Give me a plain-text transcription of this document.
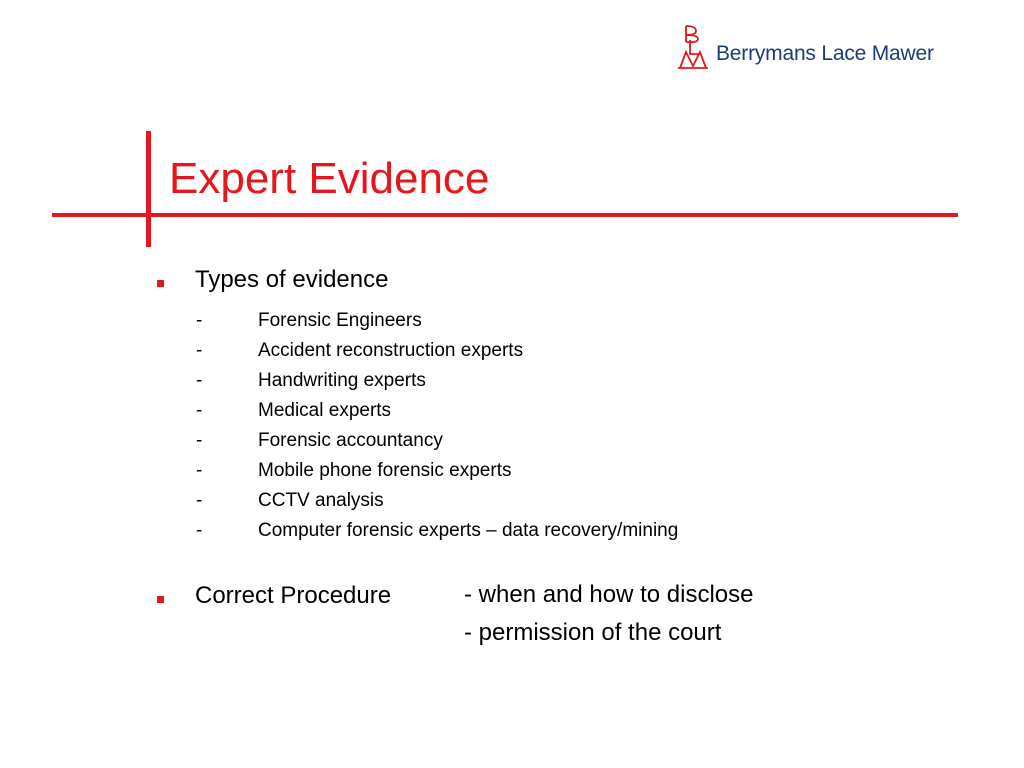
Berrymans Lace Mawer
Expert Evidence
Types of evidence
-	Forensic Engineers
-	Accident reconstruction experts
-	Handwriting experts
-	Medical experts
-	Forensic accountancy
-	Mobile phone forensic experts
-	CCTV analysis
-	Computer forensic experts – data recovery/mining
Correct Procedure	- when and how to disclose
- permission of the court
